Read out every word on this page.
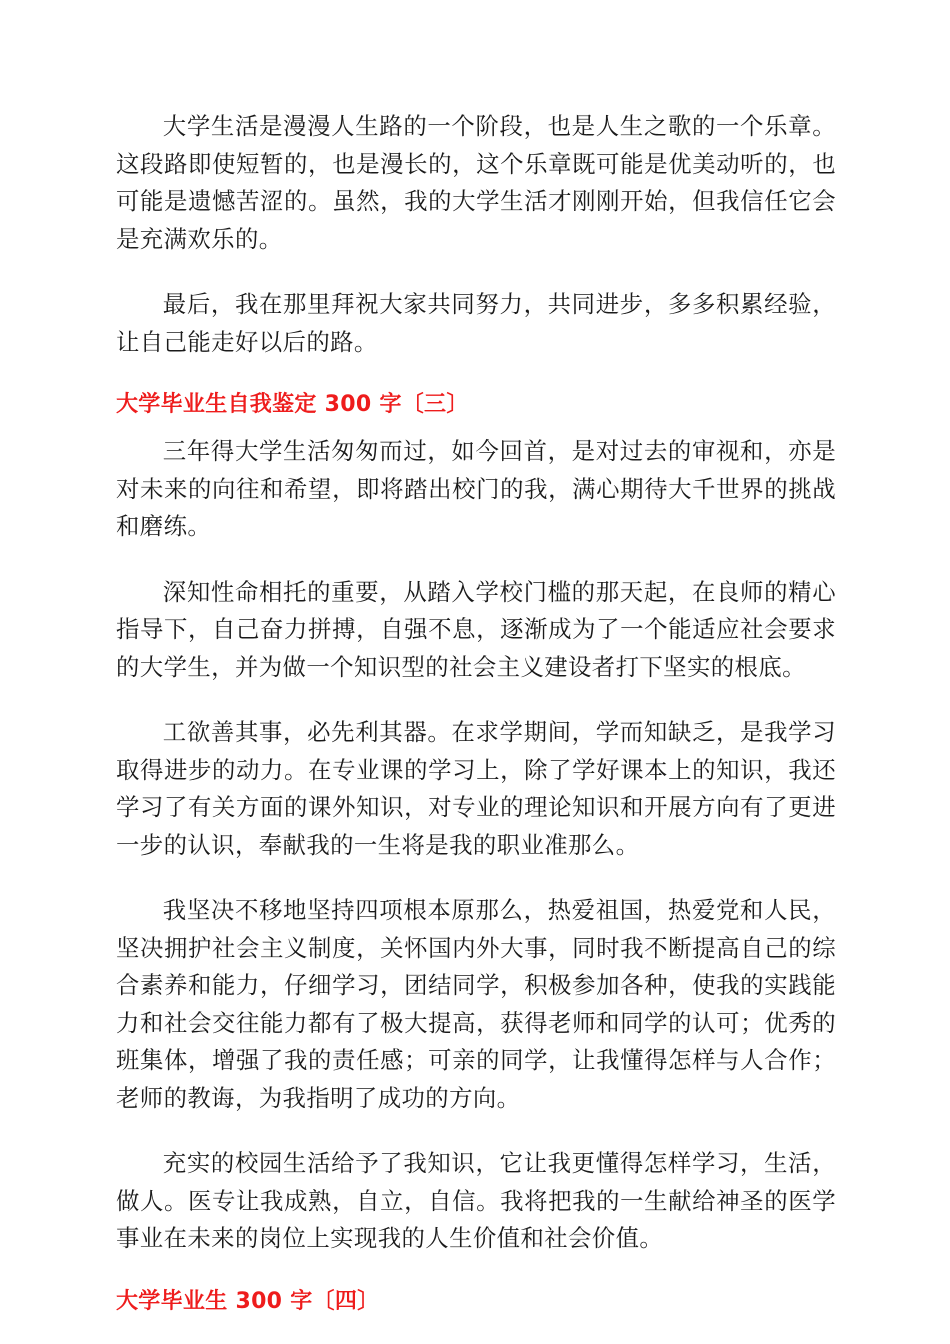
大学生活是漫漫人生路的一个阶段，也是人生之歌的一个乐章。这段路即使短暂的，也是漫长的，这个乐章既可能是优美动听的，也可能是遗憾苦涩的。虽然，我的大学生活才刚刚开始，但我信任它会是充满欢乐的。

最后，我在那里拜祝大家共同努力，共同进步，多多积累经验，让自己能走好以后的路。

大学毕业生自我鉴定 300 字〔三〕

三年得大学生活匆匆而过，如今回首，是对过去的审视和，亦是对未来的向往和希望，即将踏出校门的我，满心期待大千世界的挑战和磨练。

深知性命相托的重要，从踏入学校门槛的那天起，在良师的精心指导下，自己奋力拼搏，自强不息，逐渐成为了一个能适应社会要求的大学生，并为做一个知识型的社会主义建设者打下坚实的根底。

工欲善其事，必先利其器。在求学期间，学而知缺乏，是我学习取得进步的动力。在专业课的学习上，除了学好课本上的知识，我还学习了有关方面的课外知识，对专业的理论知识和开展方向有了更进一步的认识，奉献我的一生将是我的职业准那么。

我坚决不移地坚持四项根本原那么，热爱祖国，热爱党和人民，坚决拥护社会主义制度，关怀国内外大事，同时我不断提高自己的综合素养和能力，仔细学习，团结同学，积极参加各种，使我的实践能力和社会交往能力都有了极大提高，获得老师和同学的认可；优秀的班集体，增强了我的责任感；可亲的同学，让我懂得怎样与人合作；老师的教诲，为我指明了成功的方向。

充实的校园生活给予了我知识，它让我更懂得怎样学习，生活，做人。医专让我成熟，自立，自信。我将把我的一生献给神圣的医学事业在未来的岗位上实现我的人生价值和社会价值。

大学毕业生 300 字〔四〕
